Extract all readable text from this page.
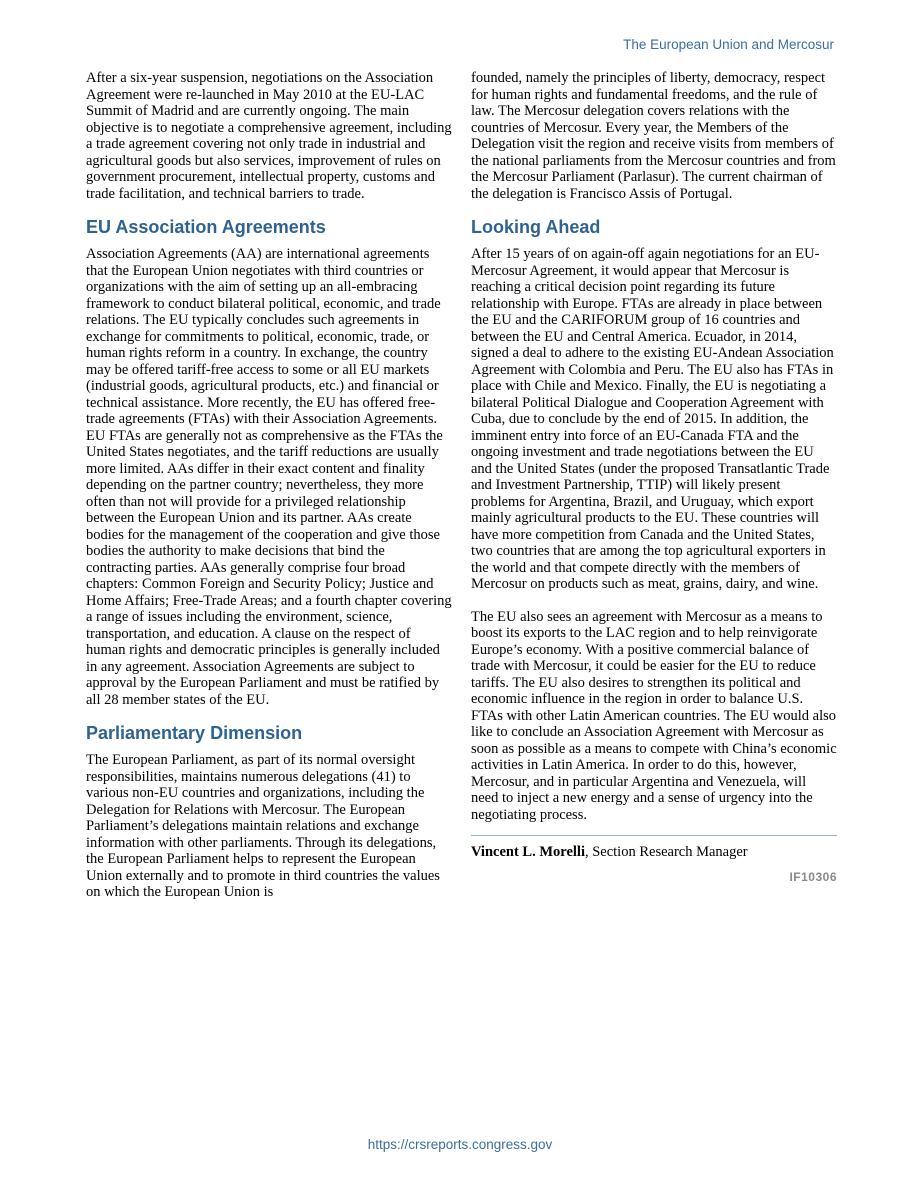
The European Union and Mercosur

After a six-year suspension, negotiations on the Association Agreement were re-launched in May 2010 at the EU-LAC Summit of Madrid and are currently ongoing. The main objective is to negotiate a comprehensive agreement, including a trade agreement covering not only trade in industrial and agricultural goods but also services, improvement of rules on government procurement, intellectual property, customs and trade facilitation, and technical barriers to trade.

EU Association Agreements

Association Agreements (AA) are international agreements that the European Union negotiates with third countries or organizations with the aim of setting up an all-embracing framework to conduct bilateral political, economic, and trade relations. The EU typically concludes such agreements in exchange for commitments to political, economic, trade, or human rights reform in a country. In exchange, the country may be offered tariff-free access to some or all EU markets (industrial goods, agricultural products, etc.) and financial or technical assistance. More recently, the EU has offered free-trade agreements (FTAs) with their Association Agreements. EU FTAs are generally not as comprehensive as the FTAs the United States negotiates, and the tariff reductions are usually more limited. AAs differ in their exact content and finality depending on the partner country; nevertheless, they more often than not will provide for a privileged relationship between the European Union and its partner. AAs create bodies for the management of the cooperation and give those bodies the authority to make decisions that bind the contracting parties. AAs generally comprise four broad chapters: Common Foreign and Security Policy; Justice and Home Affairs; Free-Trade Areas; and a fourth chapter covering a range of issues including the environment, science, transportation, and education. A clause on the respect of human rights and democratic principles is generally included in any agreement. Association Agreements are subject to approval by the European Parliament and must be ratified by all 28 member states of the EU.

Parliamentary Dimension

The European Parliament, as part of its normal oversight responsibilities, maintains numerous delegations (41) to various non-EU countries and organizations, including the Delegation for Relations with Mercosur. The European Parliament’s delegations maintain relations and exchange information with other parliaments. Through its delegations, the European Parliament helps to represent the European Union externally and to promote in third countries the values on which the European Union is

founded, namely the principles of liberty, democracy, respect for human rights and fundamental freedoms, and the rule of law. The Mercosur delegation covers relations with the countries of Mercosur. Every year, the Members of the Delegation visit the region and receive visits from members of the national parliaments from the Mercosur countries and from the Mercosur Parliament (Parlasur). The current chairman of the delegation is Francisco Assis of Portugal.

Looking Ahead

After 15 years of on again-off again negotiations for an EU-Mercosur Agreement, it would appear that Mercosur is reaching a critical decision point regarding its future relationship with Europe. FTAs are already in place between the EU and the CARIFORUM group of 16 countries and between the EU and Central America. Ecuador, in 2014, signed a deal to adhere to the existing EU-Andean Association Agreement with Colombia and Peru. The EU also has FTAs in place with Chile and Mexico. Finally, the EU is negotiating a bilateral Political Dialogue and Cooperation Agreement with Cuba, due to conclude by the end of 2015. In addition, the imminent entry into force of an EU-Canada FTA and the ongoing investment and trade negotiations between the EU and the United States (under the proposed Transatlantic Trade and Investment Partnership, TTIP) will likely present problems for Argentina, Brazil, and Uruguay, which export mainly agricultural products to the EU. These countries will have more competition from Canada and the United States, two countries that are among the top agricultural exporters in the world and that compete directly with the members of Mercosur on products such as meat, grains, dairy, and wine.

The EU also sees an agreement with Mercosur as a means to boost its exports to the LAC region and to help reinvigorate Europe’s economy. With a positive commercial balance of trade with Mercosur, it could be easier for the EU to reduce tariffs. The EU also desires to strengthen its political and economic influence in the region in order to balance U.S. FTAs with other Latin American countries. The EU would also like to conclude an Association Agreement with Mercosur as soon as possible as a means to compete with China’s economic activities in Latin America. In order to do this, however, Mercosur, and in particular Argentina and Venezuela, will need to inject a new energy and a sense of urgency into the negotiating process.

Vincent L. Morelli, Section Research Manager

IF10306
https://crsreports.congress.gov
